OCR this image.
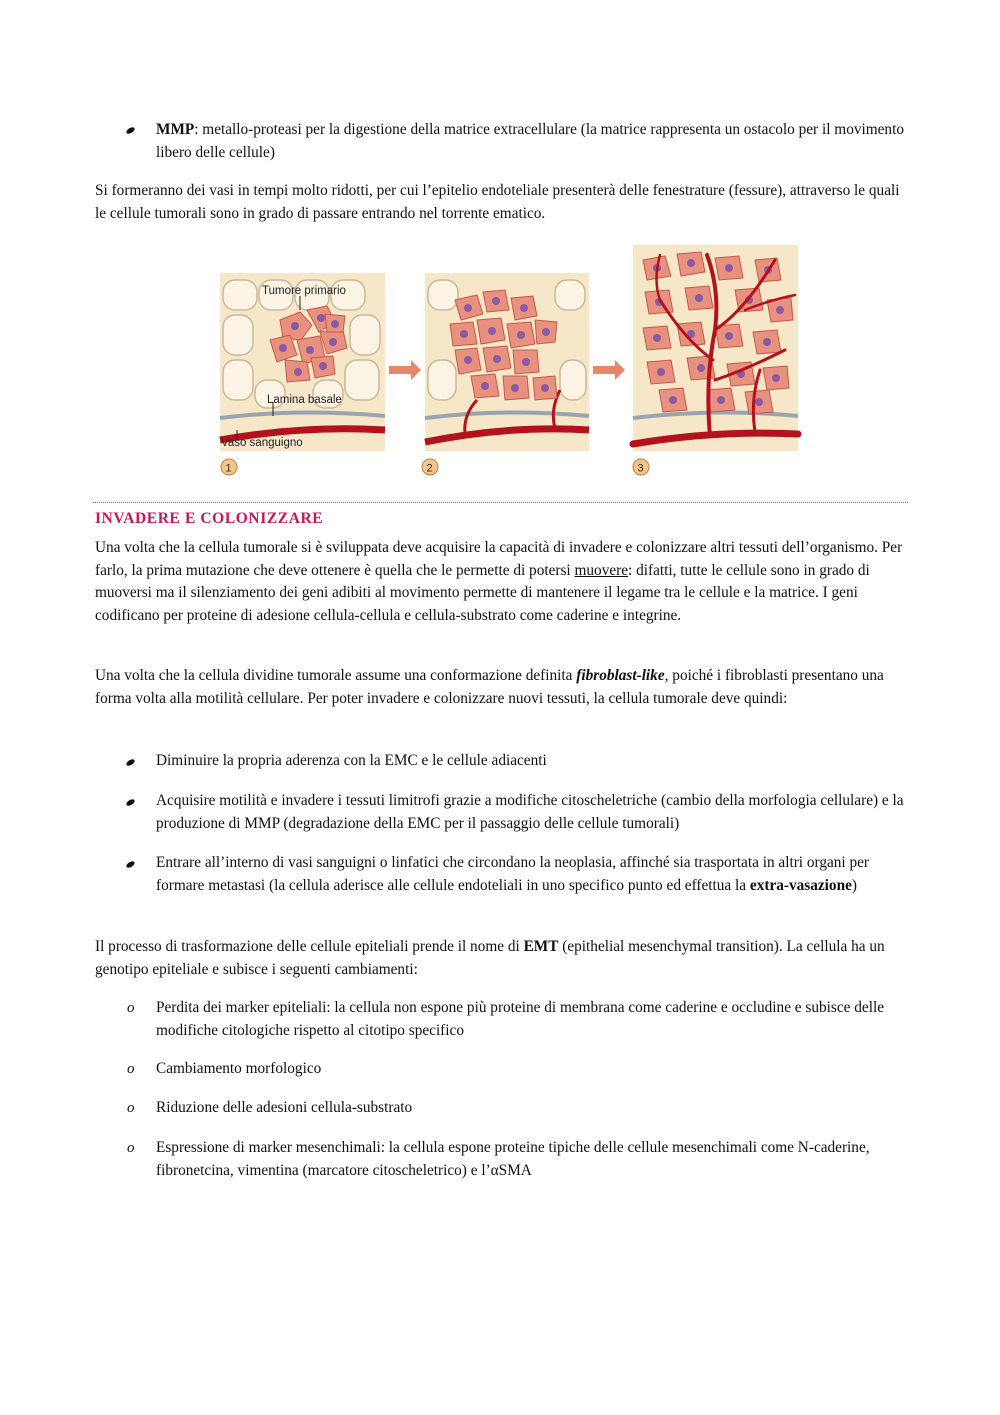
MMP: metallo-proteasi per la digestione della matrice extracellulare (la matrice rappresenta un ostacolo per il movimento libero delle cellule)

Si formeranno dei vasi in tempi molto ridotti, per cui l’epitelio endoteliale presenterà delle fenestrature (fessure), attraverso le quali le cellule tumorali sono in grado di passare entrando nel torrente ematico.

Tumore primario
Lamina basale
Vaso sanguigno
1	2	3
INVADERE E COLONIZZARE

Una volta che la cellula tumorale si è sviluppata deve acquisire la capacità di invadere e colonizzare altri tessuti dell’organismo. Per farlo, la prima mutazione che deve ottenere è quella che le permette di potersi muovere: difatti, tutte le cellule sono in grado di muoversi ma il silenziamento dei geni adibiti al movimento permette di mantenere il legame tra le cellule e la matrice. I geni codificano per proteine di adesione cellula-cellula e cellula-substrato come caderine e integrine.

Una volta che la cellula dividine tumorale assume una conformazione definita fibroblast-like, poiché i fibroblasti presentano una forma volta alla motilità cellulare. Per poter invadere e colonizzare nuovi tessuti, la cellula tumorale deve quindi:

Diminuire la propria aderenza con la EMC e le cellule adiacenti

Acquisire motilità e invadere i tessuti limitrofi grazie a modifiche citoscheletriche (cambio della morfologia cellulare) e la produzione di MMP (degradazione della EMC per il passaggio delle cellule tumorali)

Entrare all’interno di vasi sanguigni o linfatici che circondano la neoplasia, affinché sia trasportata in altri organi per formare metastasi (la cellula aderisce alle cellule endoteliali in uno specifico punto ed effettua la extra-vasazione)

Il processo di trasformazione delle cellule epiteliali prende il nome di EMT (epithelial mesenchymal transition). La cellula ha un genotipo epiteliale e subisce i seguenti cambiamenti:

o Perdita dei marker epiteliali: la cellula non espone più proteine di membrana come caderine e occludine e subisce delle modifiche citologiche rispetto al citotipo specifico

o Cambiamento morfologico

o Riduzione delle adesioni cellula-substrato

o Espressione di marker mesenchimali: la cellula espone proteine tipiche delle cellule mesenchimali come N-caderine, fibronetcina, vimentina (marcatore citoscheletrico) e l’αSMA
